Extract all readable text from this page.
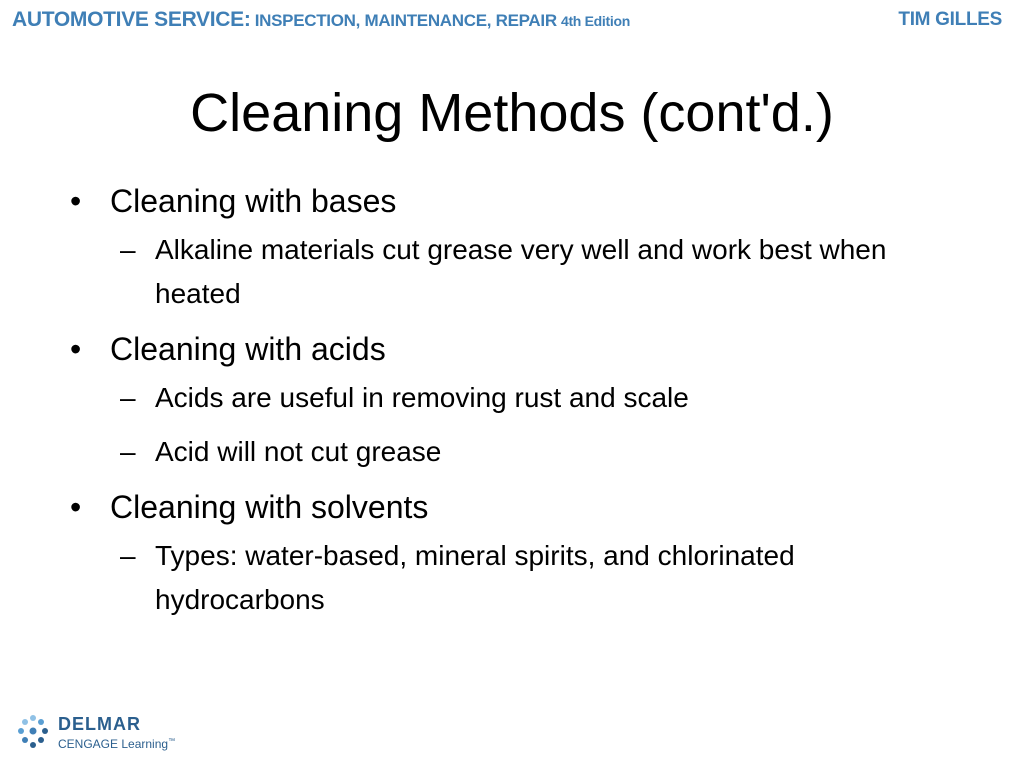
AUTOMOTIVE SERVICE: INSPECTION, MAINTENANCE, REPAIR 4th Edition	TIM GILLES
Cleaning Methods (cont'd.)
• Cleaning with bases
– Alkaline materials cut grease very well and work best when heated
• Cleaning with acids
– Acids are useful in removing rust and scale
– Acid will not cut grease
• Cleaning with solvents
– Types: water-based, mineral spirits, and chlorinated hydrocarbons
DELMAR
CENGAGE Learning™
